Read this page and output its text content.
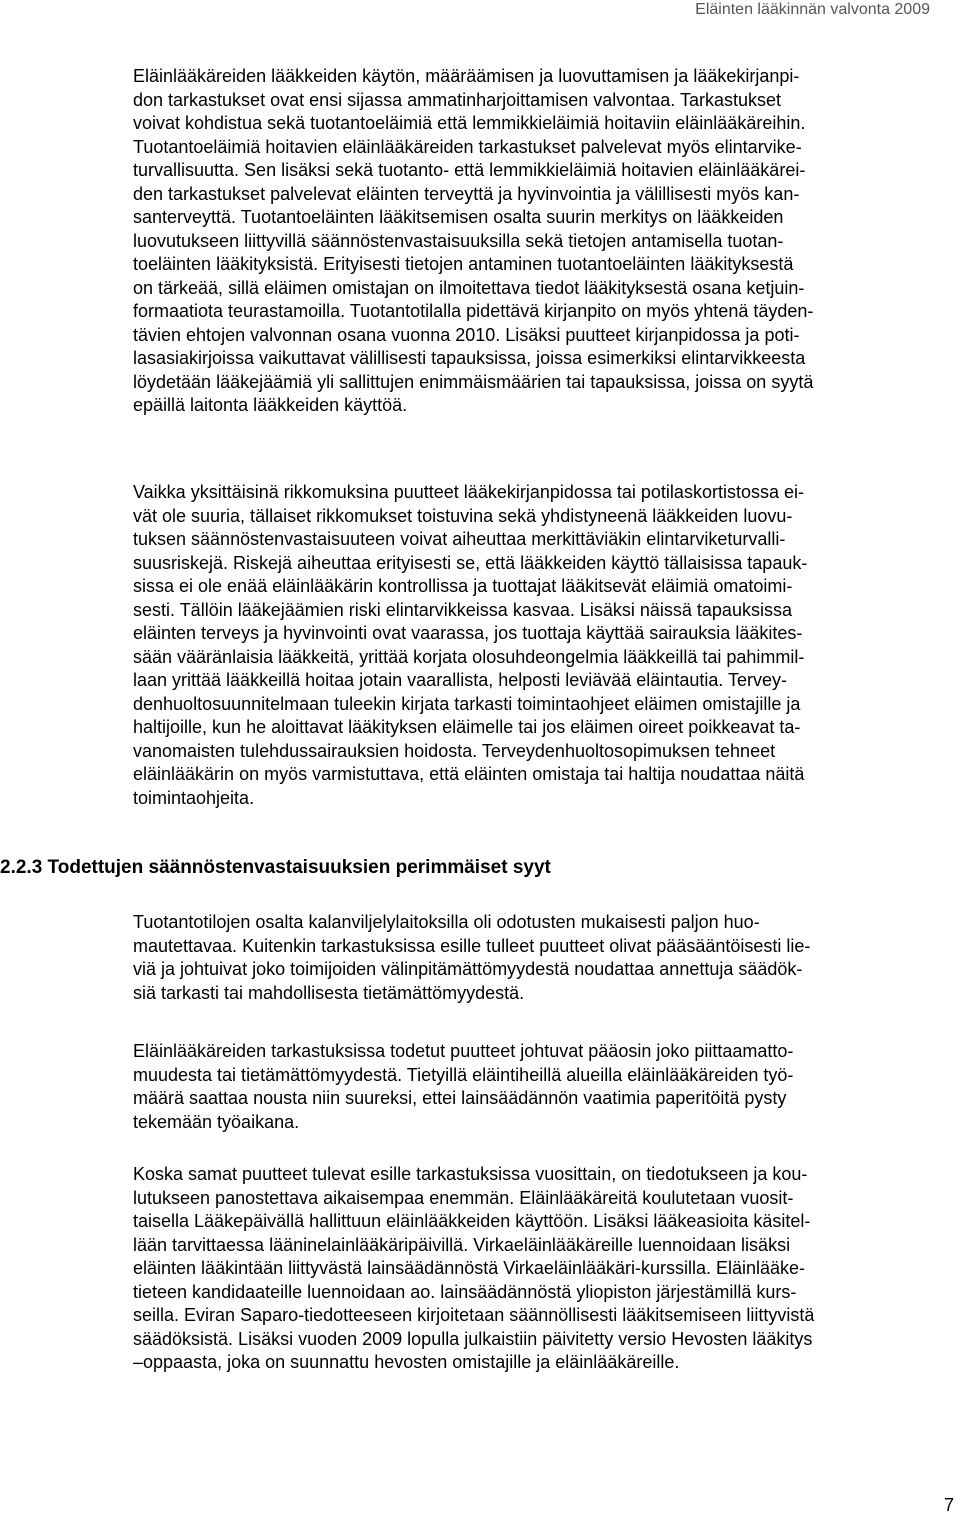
Eläinten lääkinnän valvonta 2009

Eläinlääkäreiden lääkkeiden käytön, määräämisen ja luovuttamisen ja lääkekirjanpi-
don tarkastukset ovat ensi sijassa ammatinharjoittamisen valvontaa. Tarkastukset
voivat kohdistua sekä tuotantoeläimiä että lemmikkieläimiä hoitaviin eläinlääkäreihin.
Tuotantoeläimiä hoitavien eläinlääkäreiden tarkastukset palvelevat myös elintarvike-
turvallisuutta. Sen lisäksi sekä tuotanto- että lemmikkieläimiä hoitavien eläinlääkärei-
den tarkastukset palvelevat eläinten terveyttä ja hyvinvointia ja välillisesti myös kan-
santerveyttä. Tuotantoeläinten lääkitsemisen osalta suurin merkitys on lääkkeiden
luovutukseen liittyvillä säännöstenvastaisuuksilla sekä tietojen antamisella tuotan-
toeläinten lääkityksistä. Erityisesti tietojen antaminen tuotantoeläinten lääkityksestä
on tärkeää, sillä eläimen omistajan on ilmoitettava tiedot lääkityksestä osana ketjuin-
formaatiota teurastamoilla. Tuotantotilalla pidettävä kirjanpito on myös yhtenä täyden-
tävien ehtojen valvonnan osana vuonna 2010. Lisäksi puutteet kirjanpidossa ja poti-
lasasiakirjoissa vaikuttavat välillisesti tapauksissa, joissa esimerkiksi elintarvikkeesta
löydetään lääkejäämiä yli sallittujen enimmäismäärien tai tapauksissa, joissa on syytä
epäillä laitonta lääkkeiden käyttöä.

Vaikka yksittäisinä rikkomuksina puutteet lääkekirjanpidossa tai potilaskortistossa ei-
vät ole suuria, tällaiset rikkomukset toistuvina sekä yhdistyneenä lääkkeiden luovu-
tuksen säännöstenvastaisuuteen voivat aiheuttaa merkittäviäkin elintarviketurvalli-
suusriskejä. Riskejä aiheuttaa erityisesti se, että lääkkeiden käyttö tällaisissa tapauk-
sissa ei ole enää eläinlääkärin kontrollissa ja tuottajat lääkitsevät eläimiä omatoimi-
sesti. Tällöin lääkejäämien riski elintarvikkeissa kasvaa. Lisäksi näissä tapauksissa
eläinten terveys ja hyvinvointi ovat vaarassa, jos tuottaja käyttää sairauksia lääkites-
sään vääränlaisia lääkkeitä, yrittää korjata olosuhdeongelmia lääkkeillä tai pahimmil-
laan yrittää lääkkeillä hoitaa jotain vaarallista, helposti leviävää eläintautia. Tervey-
denhuoltosuunnitelmaan tuleekin kirjata tarkasti toimintaohjeet eläimen omistajille ja
haltijoille, kun he aloittavat lääkityksen eläimelle tai jos eläimen oireet poikkeavat ta-
vanomaisten tulehdussairauksien hoidosta. Terveydenhuoltosopimuksen tehneet
eläinlääkärin on myös varmistuttava, että eläinten omistaja tai haltija noudattaa näitä
toimintaohjeita.

2.2.3 Todettujen säännöstenvastaisuuksien perimmäiset syyt

Tuotantotilojen osalta kalanviljelylaitoksilla oli odotusten mukaisesti paljon huo-
mautettavaa. Kuitenkin tarkastuksissa esille tulleet puutteet olivat pääsääntöisesti lie-
viä ja johtuivat joko toimijoiden välinpitämättömyydestä noudattaa annettuja säädök-
siä tarkasti tai mahdollisesta tietämättömyydestä.

Eläinlääkäreiden tarkastuksissa todetut puutteet johtuvat pääosin joko piittaamatto-
muudesta tai tietämättömyydestä. Tietyillä eläintiheillä alueilla eläinlääkäreiden työ-
määrä saattaa nousta niin suureksi, ettei lainsäädännön vaatimia paperitöitä pysty
tekemään työaikana.

Koska samat puutteet tulevat esille tarkastuksissa vuosittain, on tiedotukseen ja kou-
lutukseen panostettava aikaisempaa enemmän. Eläinlääkäreitä koulutetaan vuosit-
taisella Lääkepäivällä hallittuun eläinlääkkeiden käyttöön. Lisäksi lääkeasioita käsitel-
lään tarvittaessa lääninelainlääkäripäivillä. Virkaeläinlääkäreille luennoidaan lisäksi
eläinten lääkintään liittyvästä lainsäädännöstä Virkaeläinlääkäri-kurssilla. Eläinlääke-
tieteen kandidaateille luennoidaan ao. lainsäädännöstä yliopiston järjestämillä kurs-
seilla. Eviran Saparo-tiedotteeseen kirjoitetaan säännöllisesti lääkitsemiseen liittyvistä
säädöksistä. Lisäksi vuoden 2009 lopulla julkaistiin päivitetty versio Hevosten lääkitys
–oppaasta, joka on suunnattu hevosten omistajille ja eläinlääkäreille.

7
